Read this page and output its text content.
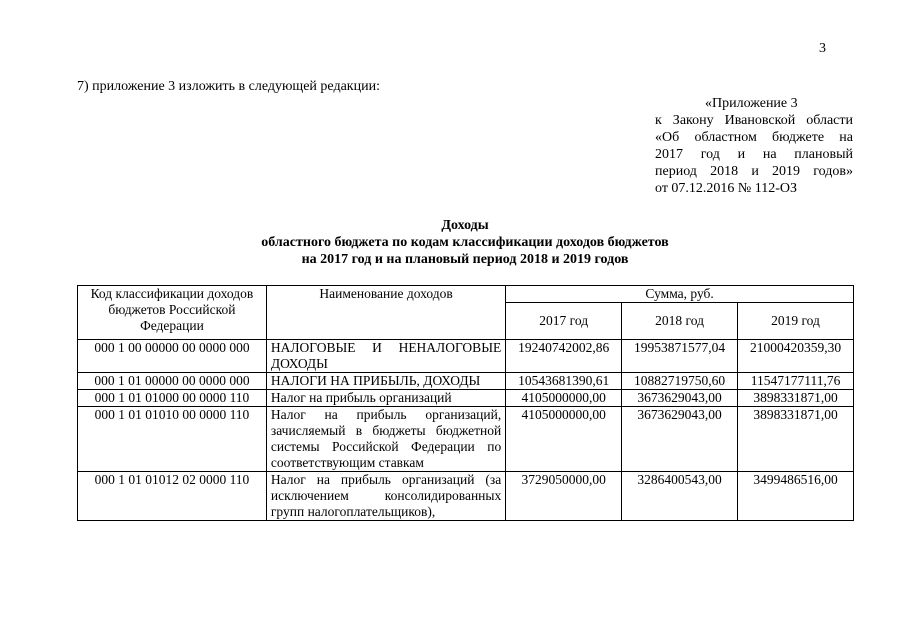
3
7) приложение 3 изложить в следующей редакции:
«Приложение 3
к Закону Ивановской области
«Об областном бюджете на
2017 год и на плановый
период 2018 и 2019 годов»
от 07.12.2016 № 112-ОЗ
Доходы
областного бюджета по кодам классификации доходов бюджетов
на 2017 год и на плановый период 2018 и 2019 годов
Код классификации доходов бюджетов Российской Федерации	Наименование доходов	Сумма, руб.		
		2017 год	2018 год	2019 год
000 1 00 00000 00 0000 000	НАЛОГОВЫЕ И НЕНАЛОГОВЫЕ ДОХОДЫ	19240742002,86	19953871577,04	21000420359,30
000 1 01 00000 00 0000 000	НАЛОГИ НА ПРИБЫЛЬ, ДОХОДЫ	10543681390,61	10882719750,60	11547177111,76
000 1 01 01000 00 0000 110	Налог на прибыль организаций	4105000000,00	3673629043,00	3898331871,00
000 1 01 01010 00 0000 110	Налог на прибыль организаций, зачисляемый в бюджеты бюджетной системы Российской Федерации по соответствующим ставкам	4105000000,00	3673629043,00	3898331871,00
000 1 01 01012 02 0000 110	Налог на прибыль организаций (за исключением консолидированных групп налогоплательщиков),	3729050000,00	3286400543,00	3499486516,00
